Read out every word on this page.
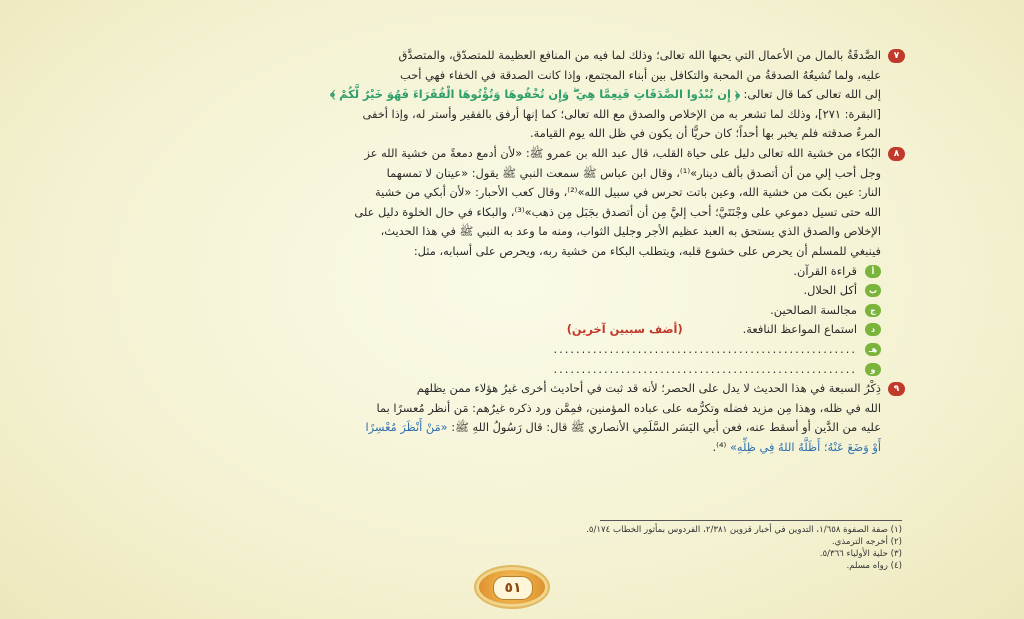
٧

الصَّدقَةُ بالمال من الأعمال التي يحبها الله تعالى؛ وذلك لما فيه من المنافع العظيمة للمتصدّق، والمتصدَّق

عليه، ولما تُشيعُهُ الصدقةُ من المحبة والتكافل بين أبناء المجتمع، وإذا كانت الصدقة في الخفاء فهي أحب

إلى الله تعالى كما قال تعالى: ﴿ إِن تُبْدُوا الصَّدَقَاتِ فَنِعِمَّا هِيَ ۖ وَإِن تُخْفُوهَا وَتُؤْتُوهَا الْفُقَرَاءَ فَهُوَ خَيْرٌ لَّكُمْ ﴾

[البقرة: ٢٧١]، وذلك لما تشعر به من الإخلاص والصدق مع الله تعالى؛ كما إنها أرفق بالفقير وأستر له، وإذا أخفى

المرءُ صدقته فلم يخبر بها أحداً؛ كان حريًّا أن يكون في ظل الله يوم القيامة.

٨

البُكاء من خشية الله تعالى دليل على حياة القلب، قال عبد الله بن عمرو ﷺ: «لأن أدمع دمعةً من خشية الله عز

وجل أحب إلي من أن أتصدق بألف دينار»⁽¹⁾، وقال ابن عباس ﷺ سمعت النبي ﷺ يقول: «عينان لا تمسهما

النار: عين بكت من خشية الله، وعين باتت تحرس في سبيل الله»⁽²⁾، وقال كعب الأحبار: «لأن أبكي من خشية

الله حتى تسيل دموعي على وجْنَتَيَّ؛ أحب إليَّ مِن أن أتصدق بجَبَل مِن ذهب»⁽³⁾، والبكاء في حال الخلوة دليل على

الإخلاص والصدق الذي يستحق به العبد عظيم الأجر وجليل الثواب، ومنه ما وعد به النبي ﷺ في هذا الحديث،

فينبغي للمسلم أن يحرص على خشوع قلبه، ويتطلب البكاء من خشية ربه، ويحرص على أسبابه، مثل:

أ
قراءة القرآن.
ب
أكل الحلال.
ج
مجالسة الصالحين.
د
استماع المواعظ النافعة.(أضف سببين آخرين)
هـ
......................................................
و
......................................................
٩

ذِكْرُ السبعة في هذا الحديث لا يدل على الحصر؛ لأنه قد ثبت في أحاديث أخرى غيرُ هؤلاء ممن يظلهم

الله في ظله، وهذا مِن مزيد فضله وتكرُّمه على عباده المؤمنين، فمِمَّن ورد ذكره غيرُهم: مَن أنظر مُعسرًا بما

عليه من الدَّين أو أسقط عنه، فعن أبي اليَسَر السَّلَمِي الأنصاري ﷺ قال: قال رَسُولُ اللهِ ﷺ: «مَنْ أَنْظَرَ مُعْسِرًا

أَوْ وَضَعَ عَنْهُ؛ أَظَلَّهُ اللهُ فِي ظِلِّهِ» ⁽⁴⁾.

(١) صفة الصفوة ١/٦٥٨، التدوين في أخبار قزوين ٢/٣٨١، الفردوس بمأثور الخطاب ٥/١٧٤.
(٢) أخرجه الترمذي.
(٣) حلية الأولياء ٥/٣٦٦.
(٤) رواه مسلم.
٥١
